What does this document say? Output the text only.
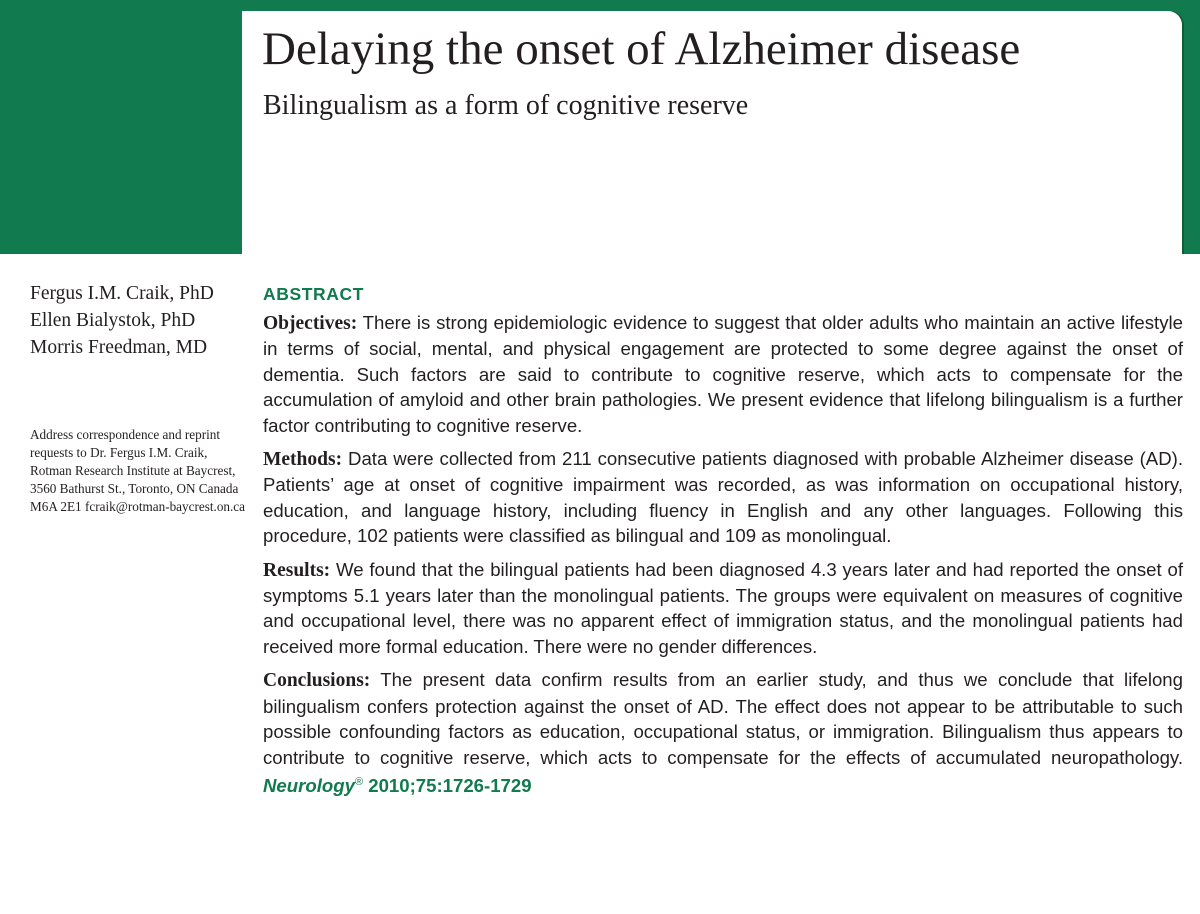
Delaying the onset of Alzheimer disease
Bilingualism as a form of cognitive reserve
Fergus I.M. Craik, PhD
Ellen Bialystok, PhD
Morris Freedman, MD
Address correspondence and reprint requests to Dr. Fergus I.M. Craik, Rotman Research Institute at Baycrest, 3560 Bathurst St., Toronto, ON Canada M6A 2E1 fcraik@rotman-baycrest.on.ca
ABSTRACT

Objectives: There is strong epidemiologic evidence to suggest that older adults who maintain an active lifestyle in terms of social, mental, and physical engagement are protected to some degree against the onset of dementia. Such factors are said to contribute to cognitive reserve, which acts to compensate for the accumulation of amyloid and other brain pathologies. We present evidence that lifelong bilingualism is a further factor contributing to cognitive reserve.

Methods: Data were collected from 211 consecutive patients diagnosed with probable Alzheimer disease (AD). Patients’ age at onset of cognitive impairment was recorded, as was information on occupational history, education, and language history, including fluency in English and any other languages. Following this procedure, 102 patients were classified as bilingual and 109 as monolingual.

Results: We found that the bilingual patients had been diagnosed 4.3 years later and had reported the onset of symptoms 5.1 years later than the monolingual patients. The groups were equivalent on measures of cognitive and occupational level, there was no apparent effect of immigration status, and the monolingual patients had received more formal education. There were no gender differences.

Conclusions: The present data confirm results from an earlier study, and thus we conclude that lifelong bilingualism confers protection against the onset of AD. The effect does not appear to be attributable to such possible confounding factors as education, occupational status, or immigration. Bilingualism thus appears to contribute to cognitive reserve, which acts to compensate for the effects of accumulated neuropathology. Neurology® 2010;75:1726-1729
